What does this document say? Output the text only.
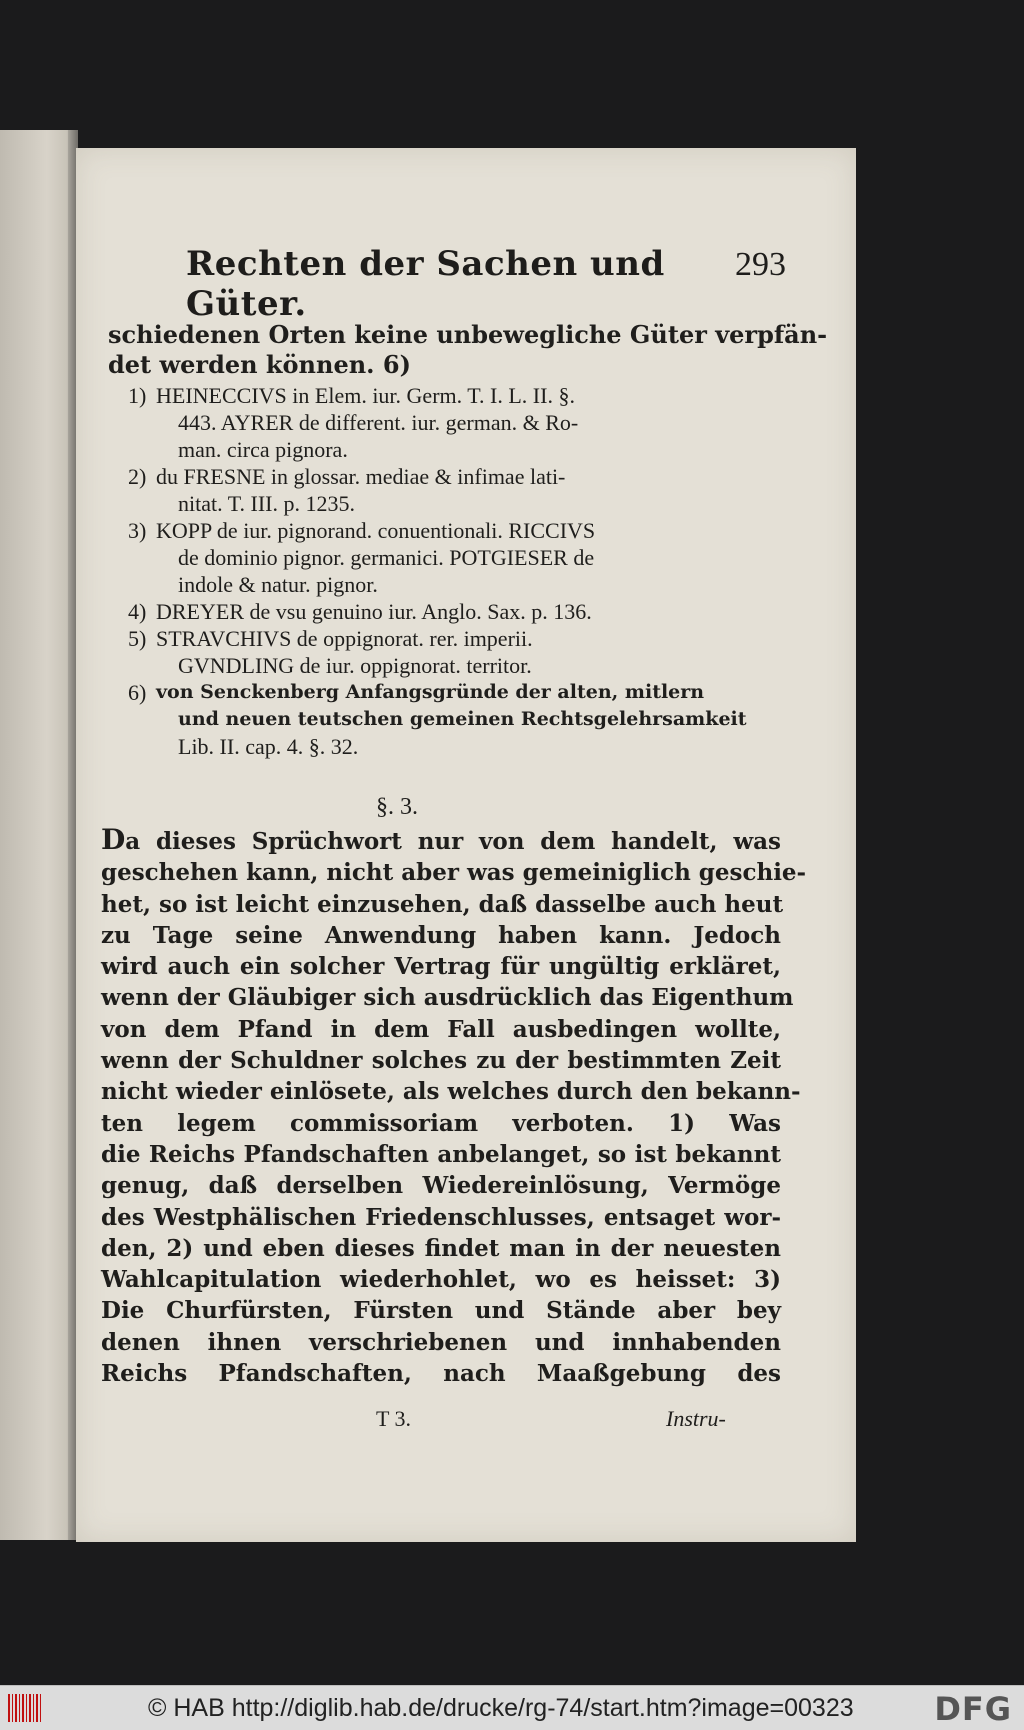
Rechten der Sachen und Güter.
293
schiedenen Orten keine unbewegliche Güter verpfän-
det werden können. 6)
1) HEINECCIVS in Elem. iur. Germ. T. I. L. II. §.
443. AYRER de different. iur. german. & Ro-
man. circa pignora.
2) du FRESNE in glossar. mediae & infimae lati-
nitat. T. III. p. 1235.
3) KOPP de iur. pignorand. conuentionali. RICCIVS
de dominio pignor. germanici. POTGIESER de
indole & natur. pignor.
4) DREYER de vsu genuino iur. Anglo. Sax. p. 136.
5) STRAVCHIVS de oppignorat. rer. imperii.
GVNDLING de iur. oppignorat. territor.
6) von Senckenberg Anfangsgründe der alten, mitlern
und neuen teutschen gemeinen Rechtsgelehrsamkeit
Lib. II. cap. 4. §. 32.
§. 3.
Da dieses Sprüchwort nur von dem handelt, was
geschehen kann, nicht aber was gemeiniglich geschie-
het, so ist leicht einzusehen, daß dasselbe auch heut
zu Tage seine Anwendung haben kann. Jedoch
wird auch ein solcher Vertrag für ungültig erkläret,
wenn der Gläubiger sich ausdrücklich das Eigenthum
von dem Pfand in dem Fall ausbedingen wollte,
wenn der Schuldner solches zu der bestimmten Zeit
nicht wieder einlösete, als welches durch den bekann-
ten legem commissoriam verboten. 1) Was
die Reichs Pfandschaften anbelanget, so ist bekannt
genug, daß derselben Wiedereinlösung, Vermöge
des Westphälischen Friedenschlusses, entsaget wor-
den, 2) und eben dieses findet man in der neuesten
Wahlcapitulation wiederhohlet, wo es heisset: 3)
Die Churfürsten, Fürsten und Stände aber bey
denen ihnen verschriebenen und innhabenden
Reichs Pfandschaften, nach Maaßgebung des
T 3.	Instru-
© HAB http://diglib.hab.de/drucke/rg-74/start.htm?image=00323	DFG
